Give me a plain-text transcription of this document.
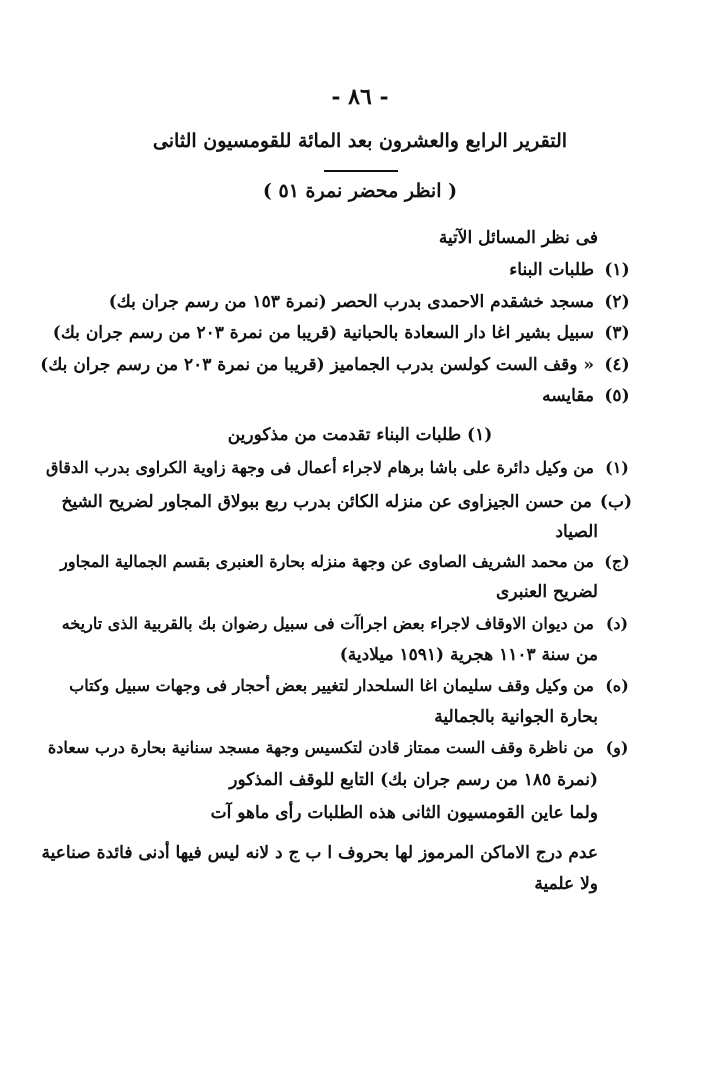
- ٨٦ -
التقرير الرابع والعشرون بعد المائة للقومسيون الثانى
( انظر محضر نمرة ٥١ )
فى نظر المسائل الآتية
(١)طلبات البناء
(٢)مسجد خشقدم الاحمدى بدرب الحصر (نمرة ١٥٣ من رسم جران بك)
(٣)سبيل بشير اغا دار السعادة بالحبانية (قريبا من نمرة ٢٠٣ من رسم جران بك)
(٤)« وقف الست كولسن بدرب الجماميز (قريبا من نمرة ٢٠٣ من رسم جران بك)
(٥)مقايسه
(١) طلبات البناء تقدمت من مذكورين
(١)من وكيل دائرة على باشا برهام لاجراء أعمال فى وجهة زاوية الكراوى بدرب الدقاق
(ب)من حسن الجيزاوى عن منزله الكائن بدرب ربع ببولاق المجاور لضريح الشيخ
الصياد
(ج)من محمد الشريف الصاوى عن وجهة منزله بحارة العنبرى بقسم الجمالية المجاور
لضريح العنبرى
(د)من ديوان الاوقاف لاجراء بعض اجراآت فى سبيل رضوان بك بالقربية الذى تاريخه
من سنة ١١٠٣ هجرية (١٥٩١ ميلادية)
(ه)من وكيل وقف سليمان اغا السلحدار لتغيير بعض أحجار فى وجهات سبيل وكتاب
بحارة الجوانية بالجمالية
(و)من ناظرة وقف الست ممتاز قادن لتكسيس وجهة مسجد سنانية بحارة درب سعادة
(نمرة ١٨٥ من رسم جران بك) التابع للوقف المذكور
ولما عاين القومسيون الثانى هذه الطلبات رأى ماهو آت
عدم درج الاماكن المرموز لها بحروف ا ب ج د لانه ليس فيها أدنى فائدة صناعية
ولا علمية
